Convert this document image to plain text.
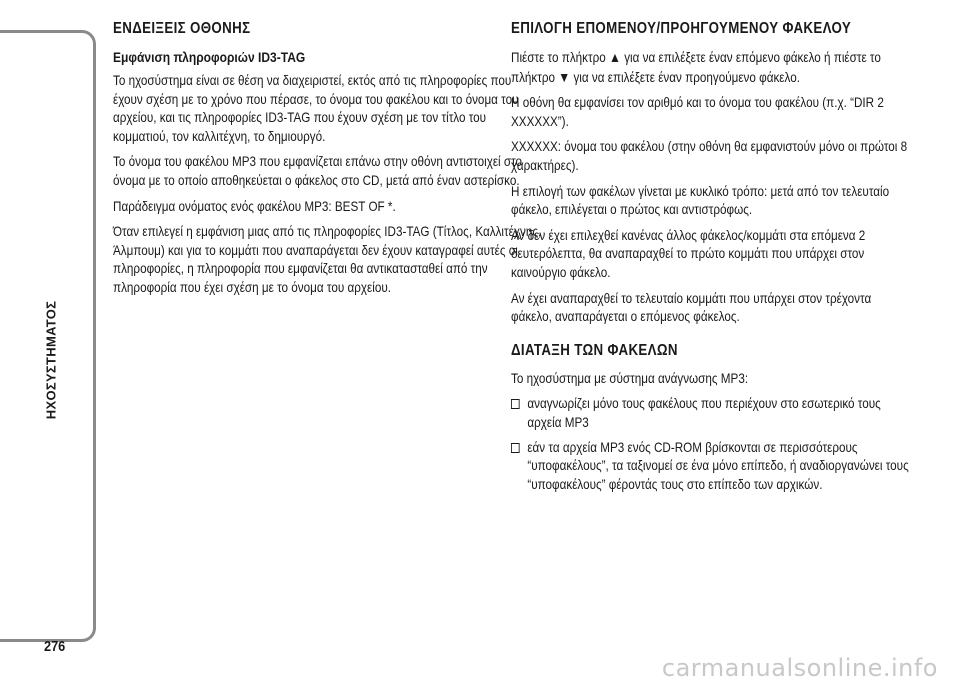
ΗΧΟΣΥΣΤΗΜΑΤΟΣ
276
ΕΝΔΕΙΞΕΙΣ ΟΘΟΝΗΣ
Εμφάνιση πληροφοριών ID3-TAG

Το ηχοσύστημα είναι σε θέση να διαχειριστεί, εκτός από τις πληροφορίες που έχουν σχέση με το χρόνο που πέρασε, το όνομα του φακέλου και το όνομα του αρχείου, και τις πληροφορίες ID3-TAG που έχουν σχέση με τον τίτλο του κομματιού, τον καλλιτέχνη, το δημιουργό.

Το όνομα του φακέλου MP3 που εμφανίζεται επάνω στην οθόνη αντιστοιχεί στο όνομα με το οποίο αποθηκεύεται ο φάκελος στο CD, μετά από έναν αστερίσκο.

Παράδειγμα ονόματος ενός φακέλου MP3: BEST OF *.

Όταν επιλεγεί η εμφάνιση μιας από τις πληροφορίες ID3-TAG (Τίτλος, Καλλιτέχνης, Άλμπουμ) και για το κομμάτι που αναπαράγεται δεν έχουν καταγραφεί αυτές οι πληροφορίες, η πληροφορία που εμφανίζεται θα αντικατασταθεί από την πληροφορία που έχει σχέση με το όνομα του αρχείου.

ΕΠΙΛΟΓΗ ΕΠΟΜΕΝΟΥ/ΠΡΟΗΓΟΥΜΕΝΟΥ ΦΑΚΕΛΟΥ

Πιέστε το πλήκτρο ▲ για να επιλέξετε έναν επόμενο φάκελο ή πιέστε το πλήκτρο ▼ για να επιλέξετε έναν προηγούμενο φάκελο.

Η οθόνη θα εμφανίσει τον αριθμό και το όνομα του φακέλου (π.χ. “DIR 2 XXXXXX”).

XXXXXX: όνομα του φακέλου (στην οθόνη θα εμφανιστούν μόνο οι πρώτοι 8 χαρακτήρες).

Η επιλογή των φακέλων γίνεται με κυκλικό τρόπο: μετά από τον τελευταίο φάκελο, επιλέγεται ο πρώτος και αντιστρόφως.

Αν δεν έχει επιλεχθεί κανένας άλλος φάκελος/κομμάτι στα επόμενα 2 δευτερόλεπτα, θα αναπαραχθεί το πρώτο κομμάτι που υπάρχει στον καινούργιο φάκελο.

Αν έχει αναπαραχθεί το τελευταίο κομμάτι που υπάρχει στον τρέχοντα φάκελο, αναπαράγεται ο επόμενος φάκελος.

ΔΙΑΤΑΞΗ ΤΩΝ ΦΑΚΕΛΩΝ

Το ηχοσύστημα με σύστημα ανάγνωσης MP3:

αναγνωρίζει μόνο τους φακέλους που περιέχουν στο εσωτερικό τους αρχεία MP3
εάν τα αρχεία MP3 ενός CD-ROM βρίσκονται σε περισσότερους “υποφακέλους”, τα ταξινομεί σε ένα μόνο επίπεδο, ή αναδιοργανώνει τους “υποφακέλους” φέροντάς τους στο επίπεδο των αρχικών.
carmanualsonline.info
